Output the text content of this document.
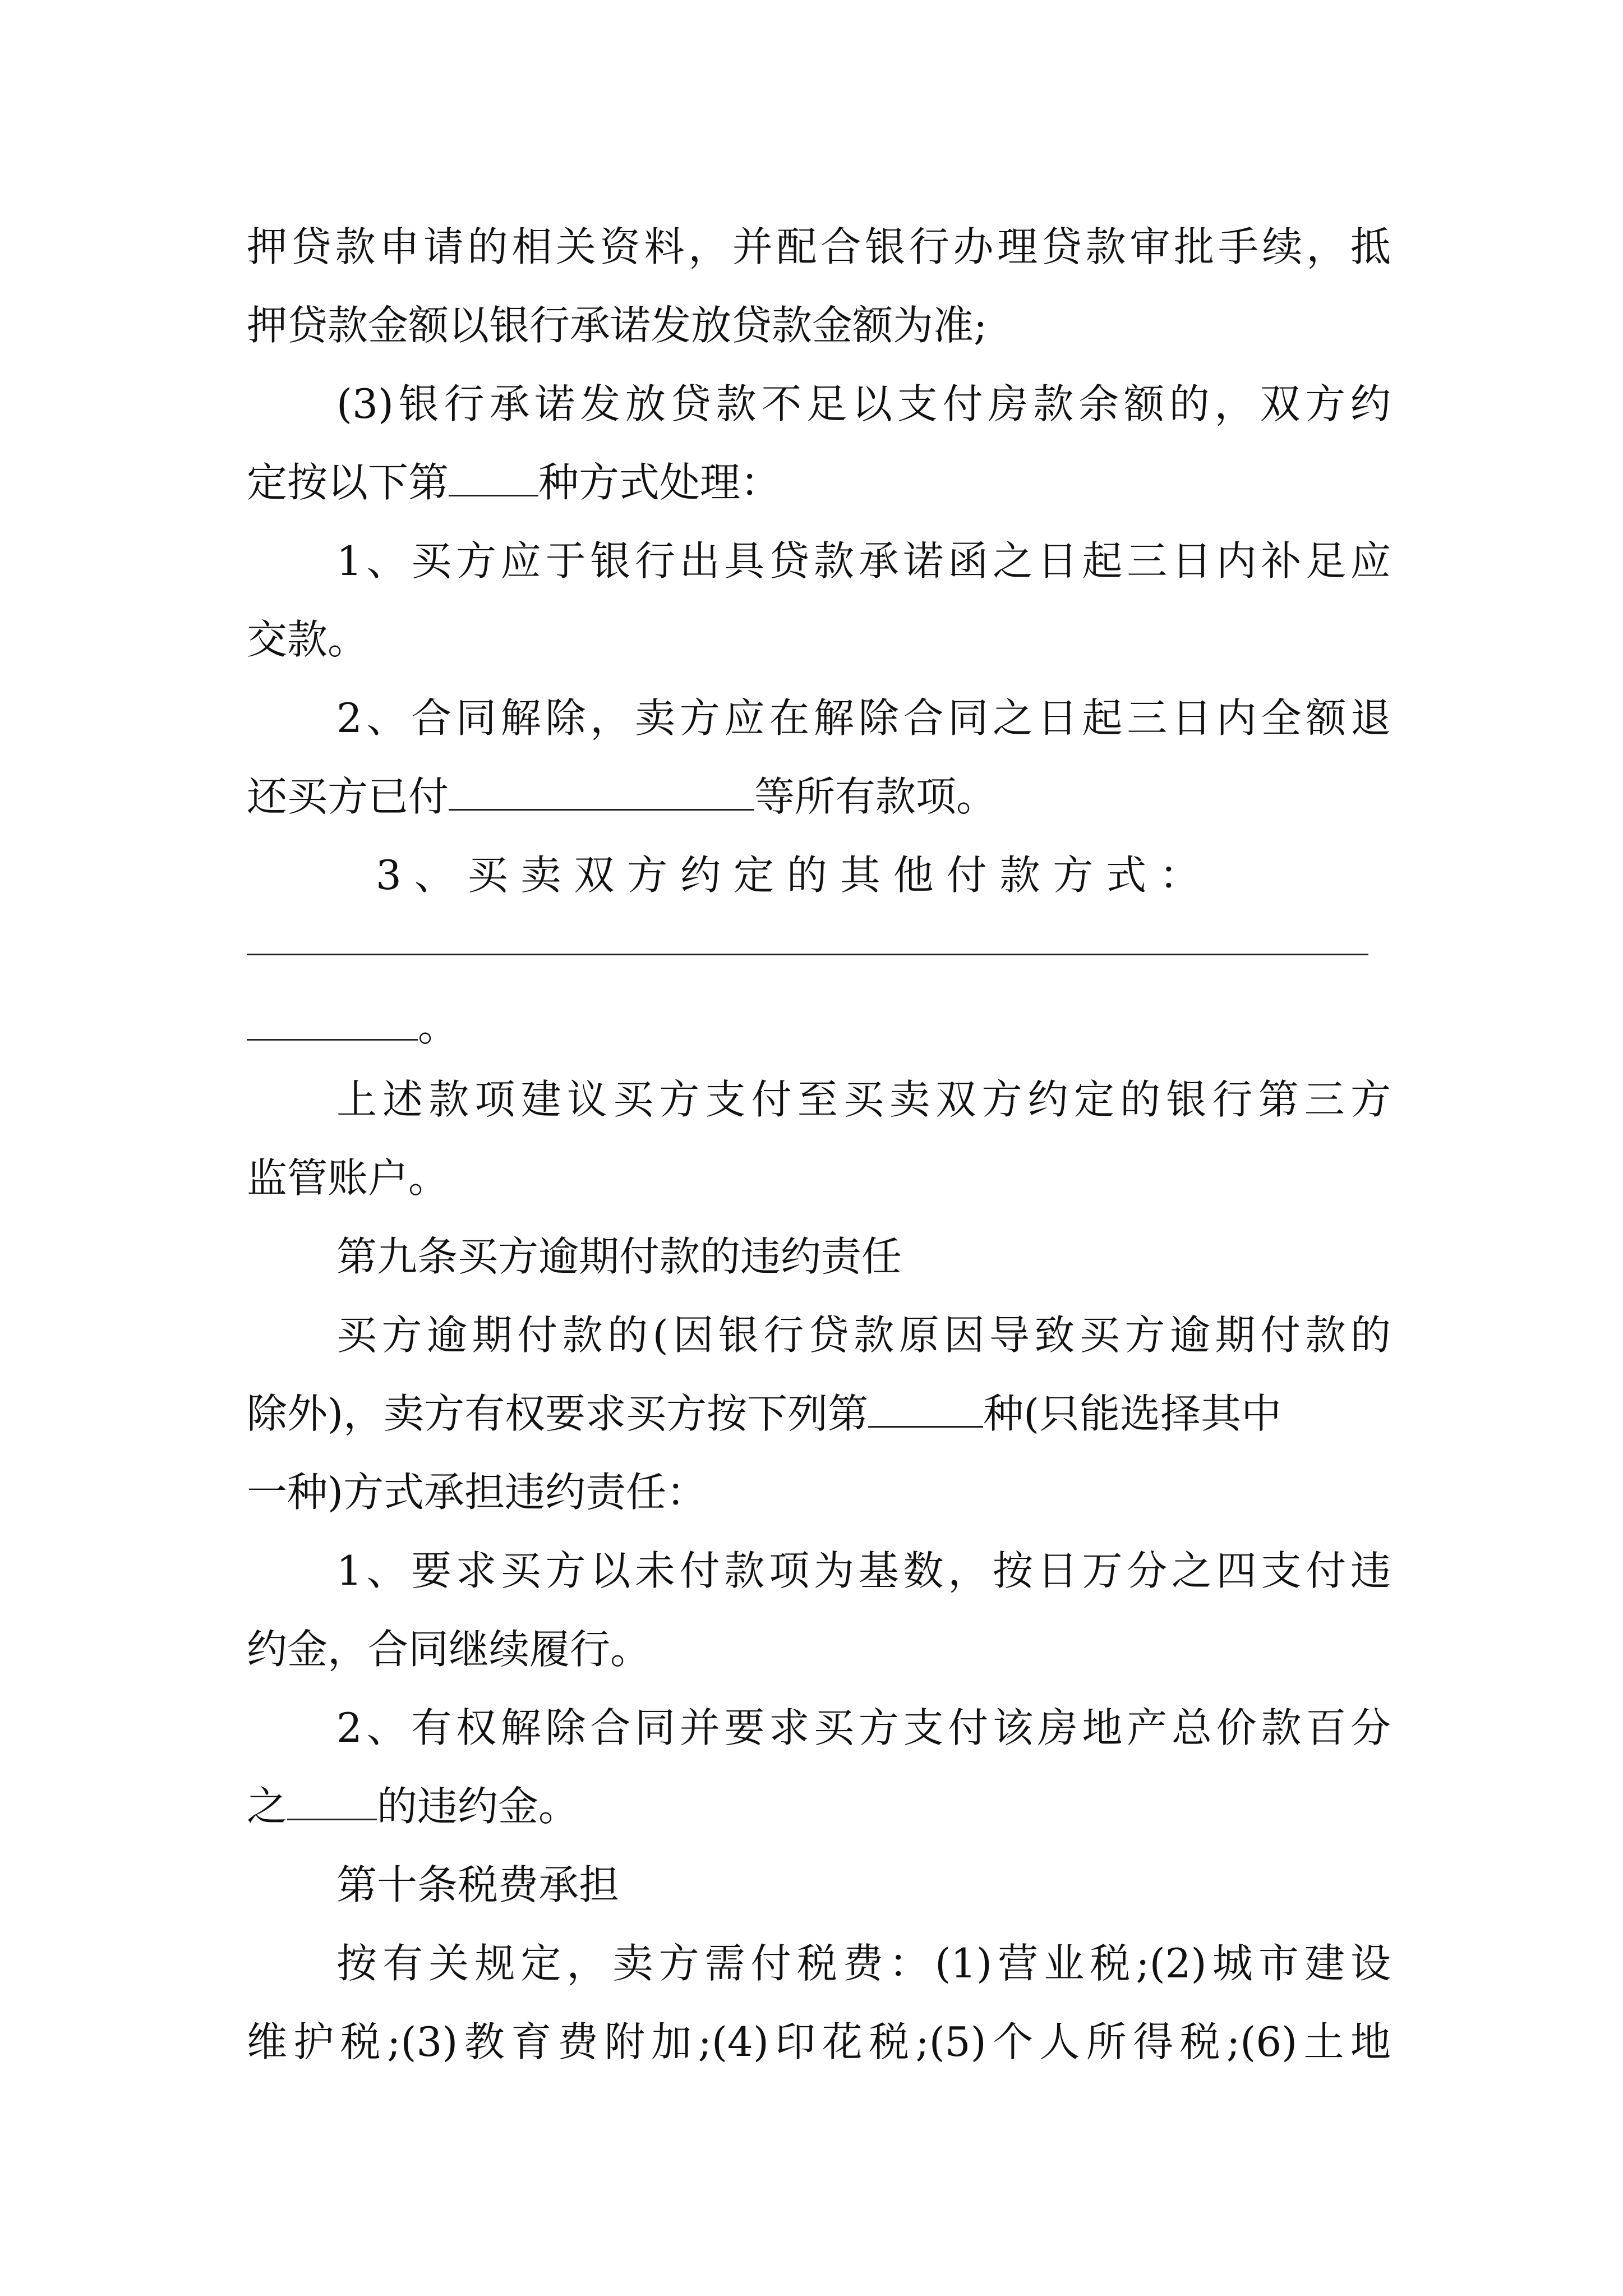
押贷款申请的相关资料，并配合银行办理贷款审批手续，抵
押贷款金额以银行承诺发放贷款金额为准;
(3)银行承诺发放贷款不足以支付房款余额的，双方约
定按以下第 种方式处理：
1、买方应于银行出具贷款承诺函之日起三日内补足应
交款。
2、合同解除，卖方应在解除合同之日起三日内全额退
还买方已付	等所有款项。
3 、 买 卖 双 方 约 定 的 其 他 付 款 方 式 ：
。
上述款项建议买方支付至买卖双方约定的银行第三方
监管账户。
第九条买方逾期付款的违约责任
买方逾期付款的(因银行贷款原因导致买方逾期付款的
除外)，卖方有权要求买方按下列第	种(只能选择其中
一种)方式承担违约责任：
1、要求买方以未付款项为基数，按日万分之四支付违
约金，合同继续履行。
2、有权解除合同并要求买方支付该房地产总价款百分
之 的违约金。
第十条税费承担
按有关规定，卖方需付税费：(1)营业税;(2)城市建设
维护税;(3)教育费附加;(4)印花税;(5)个人所得税;(6)土地
